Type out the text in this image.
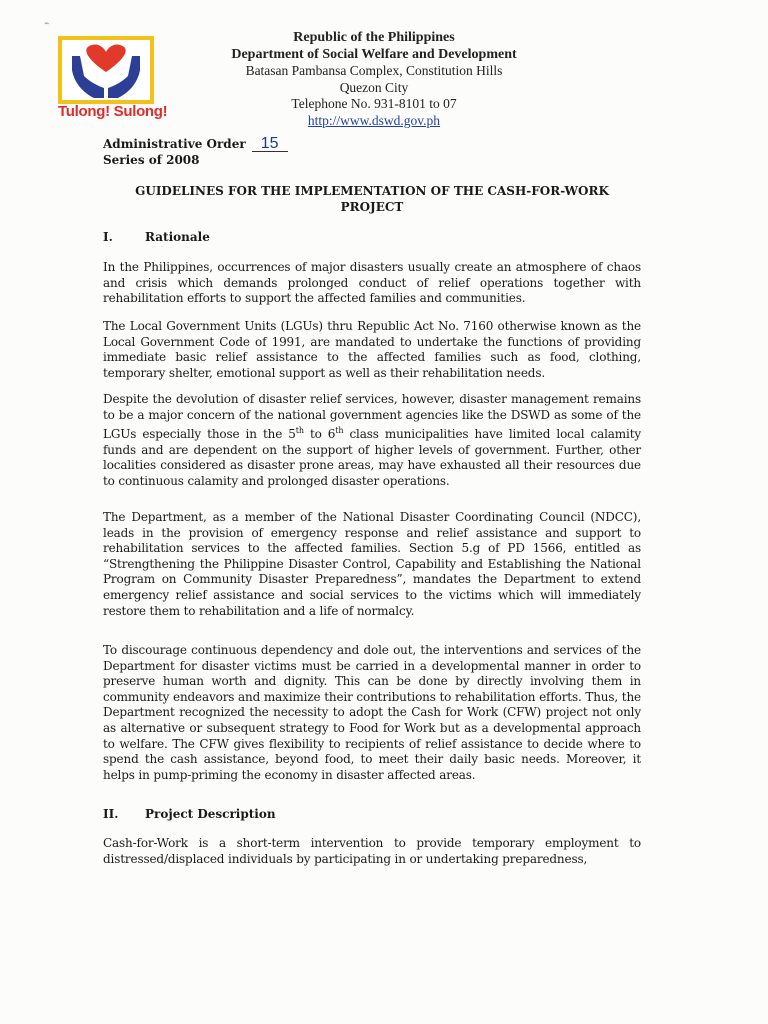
⌁
Tulong! Sulong!
Republic of the Philippines
Department of Social Welfare and Development
Batasan Pambansa Complex, Constitution Hills
Quezon City
Telephone No. 931-8101 to 07
http://www.dswd.gov.ph
Administrative Order 15
Series of 2008
GUIDELINES FOR THE IMPLEMENTATION OF THE CASH-FOR-WORK
PROJECT
I.	Rationale
In the Philippines, occurrences of major disasters usually create an atmosphere of chaos and crisis which demands prolonged conduct of relief operations together with rehabilitation efforts to support the affected families and communities.
The Local Government Units (LGUs) thru Republic Act No. 7160 otherwise known as the Local Government Code of 1991, are mandated to undertake the functions of providing immediate basic relief assistance to the affected families such as food, clothing, temporary shelter, emotional support as well as their rehabilitation needs.
Despite the devolution of disaster relief services, however, disaster management remains to be a major concern of the national government agencies like the DSWD as some of the LGUs especially those in the 5th to 6th class municipalities have limited local calamity funds and are dependent on the support of higher levels of government. Further, other localities considered as disaster prone areas, may have exhausted all their resources due to continuous calamity and prolonged disaster operations.
The Department, as a member of the National Disaster Coordinating Council (NDCC), leads in the provision of emergency response and relief assistance and support to rehabilitation services to the affected families. Section 5.g of PD 1566, entitled as “Strengthening the Philippine Disaster Control, Capability and Establishing the National Program on Community Disaster Preparedness”, mandates the Department to extend emergency relief assistance and social services to the victims which will immediately restore them to rehabilitation and a life of normalcy.
To discourage continuous dependency and dole out, the interventions and services of the Department for disaster victims must be carried in a developmental manner in order to preserve human worth and dignity. This can be done by directly involving them in community endeavors and maximize their contributions to rehabilitation efforts. Thus, the Department recognized the necessity to adopt the Cash for Work (CFW) project not only as alternative or subsequent strategy to Food for Work but as a developmental approach to welfare. The CFW gives flexibility to recipients of relief assistance to decide where to spend the cash assistance, beyond food, to meet their daily basic needs. Moreover, it helps in pump-priming the economy in disaster affected areas.
II. Project Description
Cash-for-Work is a short-term intervention to provide temporary employment to distressed/displaced individuals by participating in or undertaking preparedness,
